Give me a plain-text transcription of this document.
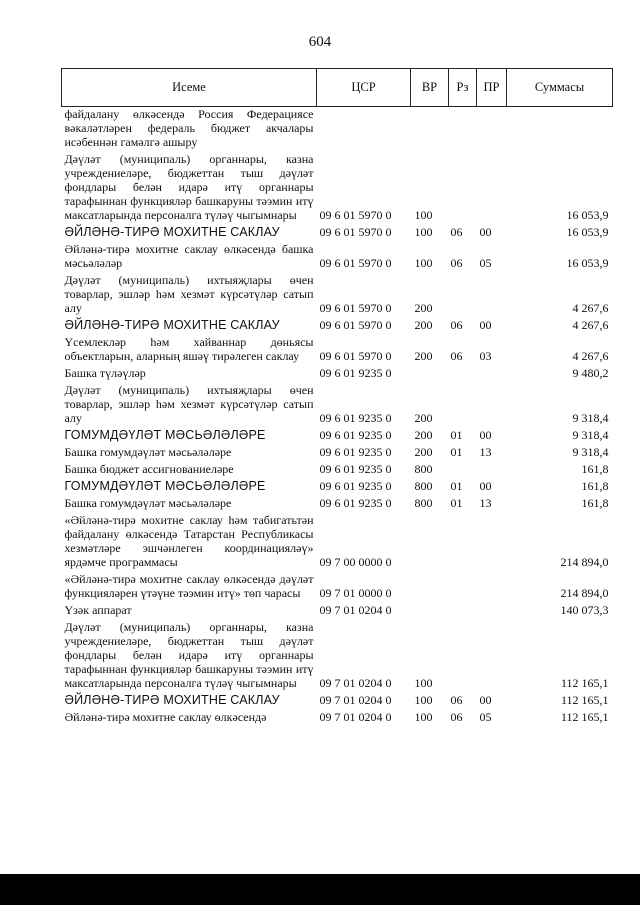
604
Исеме	ЦСР	ВР	Рз	ПР	Суммасы
файдалану өлкәсендә Россия Федерациясе вәкаләтләрен федераль бюджет акчалары исәбеннән гамәлгә ашыру					
Дәүләт (муниципаль) органнары, казна учреждениеләре, бюджеттан тыш дәүләт фондлары белән идарә итү органнары тарафыннан функцияләр башкаруны тәэмин итү максатларында персоналга түләү чыгымнары	09 6 01 5970 0	100			16 053,9
ӘЙЛӘНӘ-ТИРӘ МОХИТНЕ САКЛАУ	09 6 01 5970 0	100	06	00	16 053,9
Әйләнә-тирә мохитне саклау өлкәсендә башка мәсьәләләр	09 6 01 5970 0	100	06	05	16 053,9
Дәүләт (муниципаль) ихтыяҗлары өчен товарлар, эшләр һәм хезмәт күрсәтүләр сатып алу	09 6 01 5970 0	200			4 267,6
ӘЙЛӘНӘ-ТИРӘ МОХИТНЕ САКЛАУ	09 6 01 5970 0	200	06	00	4 267,6
Үсемлекләр һәм хайваннар дөньясы объектларын, аларның яшәү тирәлеген саклау	09 6 01 5970 0	200	06	03	4 267,6
Башка түләүләр	09 6 01 9235 0				9 480,2
Дәүләт (муниципаль) ихтыяҗлары өчен товарлар, эшләр һәм хезмәт күрсәтүләр сатып алу	09 6 01 9235 0	200			9 318,4
ГОМУМДӘҮЛӘТ МӘСЬӘЛӘЛӘРЕ	09 6 01 9235 0	200	01	00	9 318,4
Башка гомумдәүләт мәсьәләләре	09 6 01 9235 0	200	01	13	9 318,4
Башка бюджет ассигнованиеләре	09 6 01 9235 0	800			161,8
ГОМУМДӘҮЛӘТ МӘСЬӘЛӘЛӘРЕ	09 6 01 9235 0	800	01	00	161,8
Башка гомумдәүләт мәсьәләләре	09 6 01 9235 0	800	01	13	161,8
«Әйләнә-тирә мохитне саклау һәм табигатьтән файдалану өлкәсендә Татарстан Республикасы хезмәтләре эшчәнлеген координацияләү» ярдәмче программасы	09 7 00 0000 0				214 894,0
«Әйләнә-тирә мохитне саклау өлкәсендә дәүләт функцияләрен үтәүне тәэмин итү» төп чарасы	09 7 01 0000 0				214 894,0
Үзәк аппарат	09 7 01 0204 0				140 073,3
Дәүләт (муниципаль) органнары, казна учреждениеләре, бюджеттан тыш дәүләт фондлары белән идарә итү органнары тарафыннан функцияләр башкаруны тәэмин итү максатларында персоналга түләү чыгымнары	09 7 01 0204 0	100			112 165,1
ӘЙЛӘНӘ-ТИРӘ МОХИТНЕ САКЛАУ	09 7 01 0204 0	100	06	00	112 165,1
Әйләнә-тирә мохитне саклау өлкәсендә	09 7 01 0204 0	100	06	05	112 165,1
